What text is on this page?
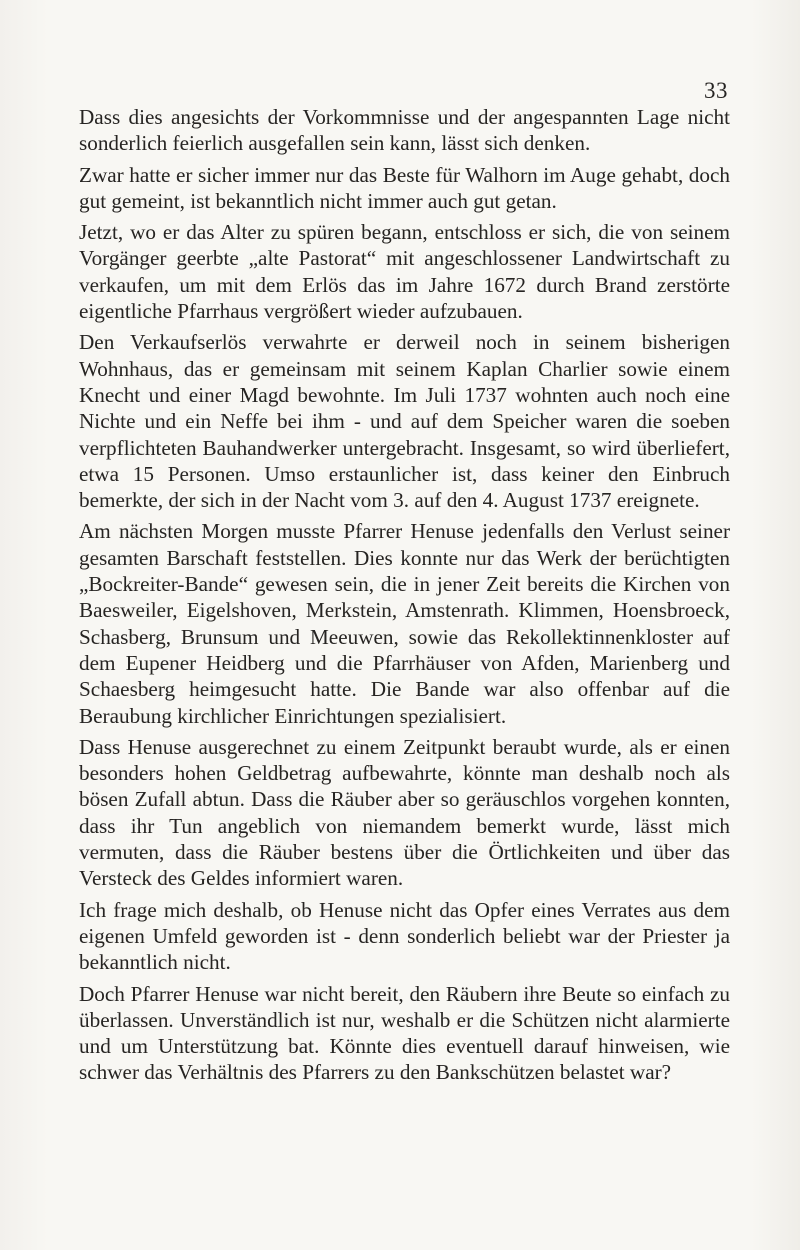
33

Dass dies angesichts der Vorkommnisse und der angespannten Lage nicht sonderlich feierlich ausgefallen sein kann, lässt sich denken.

Zwar hatte er sicher immer nur das Beste für Walhorn im Auge gehabt, doch gut gemeint, ist bekanntlich nicht immer auch gut getan.

Jetzt, wo er das Alter zu spüren begann, entschloss er sich, die von seinem Vorgänger geerbte „alte Pastorat“ mit angeschlossener Landwirtschaft zu verkaufen, um mit dem Erlös das im Jahre 1672 durch Brand zerstörte eigentliche Pfarrhaus vergrößert wieder aufzubauen.

Den Verkaufserlös verwahrte er derweil noch in seinem bisherigen Wohnhaus, das er gemeinsam mit seinem Kaplan Charlier sowie einem Knecht und einer Magd bewohnte. Im Juli 1737 wohnten auch noch eine Nichte und ein Neffe bei ihm - und auf dem Speicher waren die soeben verpflichteten Bauhandwerker untergebracht. Insgesamt, so wird überliefert, etwa 15 Personen. Umso erstaunlicher ist, dass keiner den Einbruch bemerkte, der sich in der Nacht vom 3. auf den 4. August 1737 ereignete.

Am nächsten Morgen musste Pfarrer Henuse jedenfalls den Verlust seiner gesamten Barschaft feststellen. Dies konnte nur das Werk der berüchtigten „Bockreiter-Bande“ gewesen sein, die in jener Zeit bereits die Kirchen von Baesweiler, Eigelshoven, Merkstein, Amstenrath. Klimmen, Hoensbroeck, Schasberg, Brunsum und Meeuwen, sowie das Rekollektinnenkloster auf dem Eupener Heidberg und die Pfarrhäuser von Afden, Marienberg und Schaesberg heimgesucht hatte. Die Bande war also offenbar auf die Beraubung kirchlicher Einrichtungen spezialisiert.

Dass Henuse ausgerechnet zu einem Zeitpunkt beraubt wurde, als er einen besonders hohen Geldbetrag aufbewahrte, könnte man deshalb noch als bösen Zufall abtun. Dass die Räuber aber so geräuschlos vorgehen konnten, dass ihr Tun angeblich von niemandem bemerkt wurde, lässt mich vermuten, dass die Räuber bestens über die Örtlichkeiten und über das Versteck des Geldes informiert waren.

Ich frage mich deshalb, ob Henuse nicht das Opfer eines Verrates aus dem eigenen Umfeld geworden ist - denn sonderlich beliebt war der Priester ja bekanntlich nicht.

Doch Pfarrer Henuse war nicht bereit, den Räubern ihre Beute so einfach zu überlassen. Unverständlich ist nur, weshalb er die Schützen nicht alarmierte und um Unterstützung bat. Könnte dies eventuell darauf hinweisen, wie schwer das Verhältnis des Pfarrers zu den Bankschützen belastet war?
